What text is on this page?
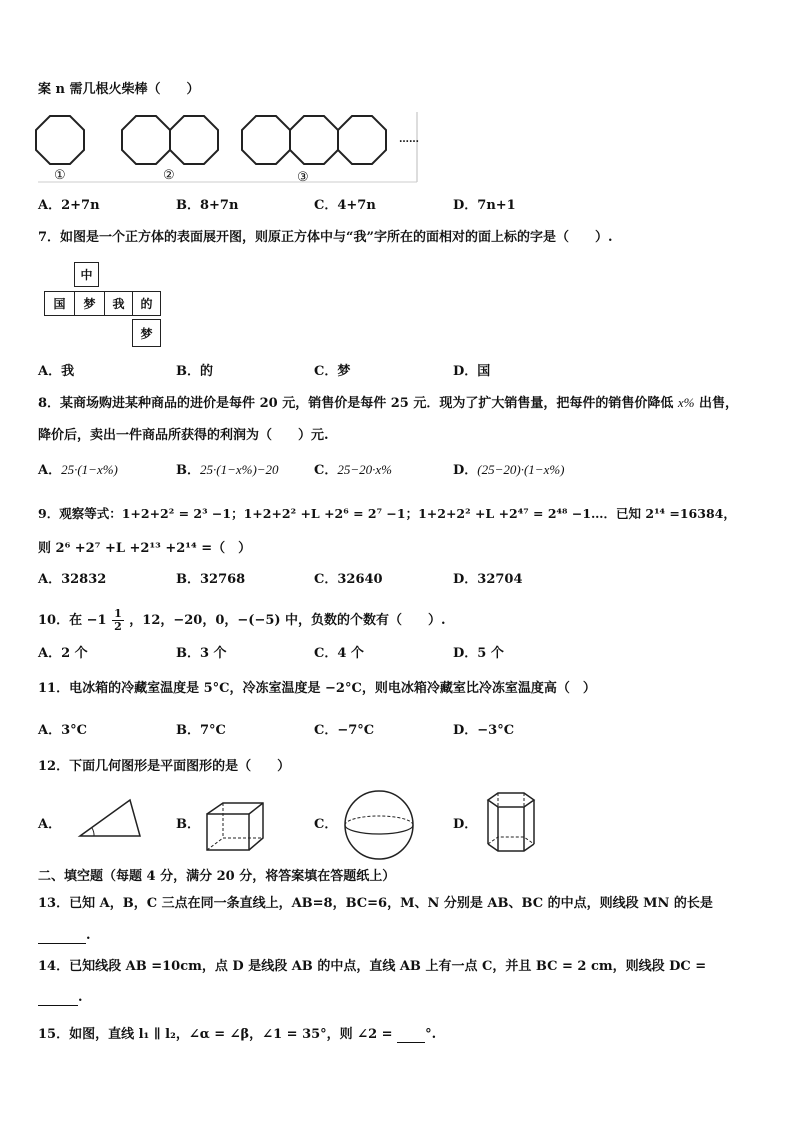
案 n 需几根火柴棒（　　）
①	②	③
……
A．2+7n	B．8+7n	C．4+7n	D．7n+1
7．如图是一个正方体的表面展开图，则原正方体中与“我”字所在的面相对的面上标的字是（　　）.
中
国	梦	我	的
梦
A．我	B．的	C．梦	D．国
8．某商场购进某种商品的进价是每件 20 元，销售价是每件 25 元．现为了扩大销售量，把每件的销售价降低 x% 出售，
降价后，卖出一件商品所获得的利润为（　　）元.
A．25·(1−x%)	B．25·(1−x%)−20	C．25−20·x%	D．(25−20)·(1−x%)
9．观察等式：1+2+2² = 2³ −1；1+2+2² +L +2⁶ = 2⁷ −1；1+2+2² +L +2⁴⁷ = 2⁴⁸ −1…．已知 2¹⁴ =16384，
则 2⁶ +2⁷ +L +2¹³ +2¹⁴ =（　）
A．32832	B．32768	C．32640	D．32704
10．在 $-1 \frac{1}{2}$ ，12，−20，0，−(−5) 中，负数的个数有（　　）.
A．2 个	B．3 个	C．4 个	D．5 个
11．电冰箱的冷藏室温度是 5°C，冷冻室温度是 −2°C，则电冰箱冷藏室比冷冻室温度高（　）
A．3°C	B．7°C	C．−7°C	D．−3°C
12．下面几何图形是平面图形的是（　　）
A．	B．	C．	D．
二、填空题（每题 4 分，满分 20 分，将答案填在答题纸上）
13．已知 A，B，C 三点在同一条直线上，AB=8，BC=6，M、N 分别是 AB、BC 的中点，则线段 MN 的长是
.
14．已知线段 AB =10cm，点 D 是线段 AB 的中点，直线 AB 上有一点 C，并且 BC = 2 cm，则线段 DC =
.
15．如图，直线 l₁ ∥ l₂，∠α = ∠β，∠1 = 35°，则 ∠2 =	°.
